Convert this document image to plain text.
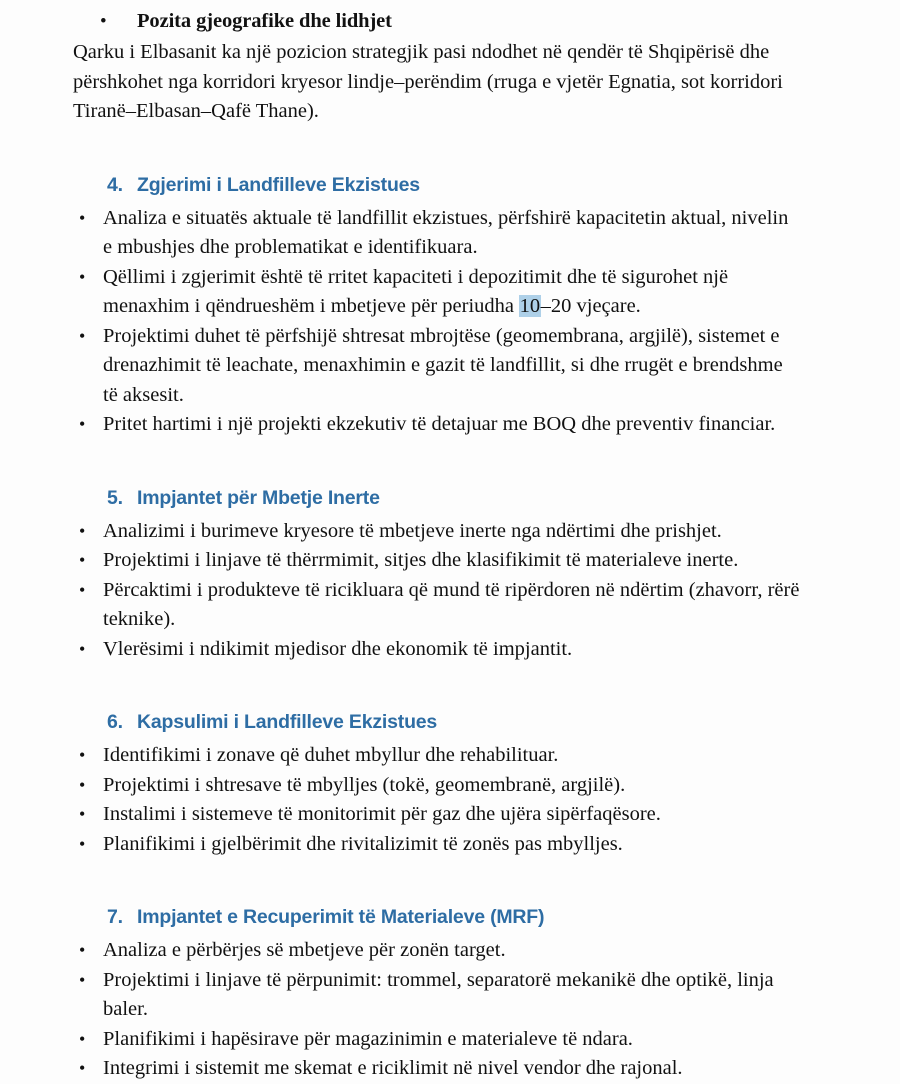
•
Pozita gjeografike dhe lidhjet

Qarku i Elbasanit ka një pozicion strategjik pasi ndodhet në qendër të Shqipërisë dhe përshkohet nga korridori kryesor lindje–perëndim (rruga e vjetër Egnatia, sot korridori Tiranë–Elbasan–Qafë Thane).

4. Zgjerimi i Landfilleve Ekzistues
•
Analiza e situatës aktuale të landfillit ekzistues, përfshirë kapacitetin aktual, nivelin e mbushjes dhe problematikat e identifikuara.
•
Qëllimi i zgjerimit është të rritet kapaciteti i depozitimit dhe të sigurohet një menaxhim i qëndrueshëm i mbetjeve për periudha 10–20 vjeçare.
•
Projektimi duhet të përfshijë shtresat mbrojtëse (geomembrana, argjilë), sistemet e drenazhimit të leachate, menaxhimin e gazit të landfillit, si dhe rrugët e brendshme të aksesit.
•
Pritet hartimi i një projekti ekzekutiv të detajuar me BOQ dhe preventiv financiar.
5. Impjantet për Mbetje Inerte
•
Analizimi i burimeve kryesore të mbetjeve inerte nga ndërtimi dhe prishjet.
•
Projektimi i linjave të thërrmimit, sitjes dhe klasifikimit të materialeve inerte.
•
Përcaktimi i produkteve të ricikluara që mund të ripërdoren në ndërtim (zhavorr, rërë teknike).
•
Vlerësimi i ndikimit mjedisor dhe ekonomik të impjantit.
6. Kapsulimi i Landfilleve Ekzistues
•
Identifikimi i zonave që duhet mbyllur dhe rehabilituar.
•
Projektimi i shtresave të mbylljes (tokë, geomembranë, argjilë).
•
Instalimi i sistemeve të monitorimit për gaz dhe ujëra sipërfaqësore.
•
Planifikimi i gjelbërimit dhe rivitalizimit të zonës pas mbylljes.
7. Impjantet e Recuperimit të Materialeve (MRF)
•
Analiza e përbërjes së mbetjeve për zonën target.
•
Projektimi i linjave të përpunimit: trommel, separatorë mekanikë dhe optikë, linja baler.
•
Planifikimi i hapësirave për magazinimin e materialeve të ndara.
•
Integrimi i sistemit me skemat e riciklimit në nivel vendor dhe rajonal.
